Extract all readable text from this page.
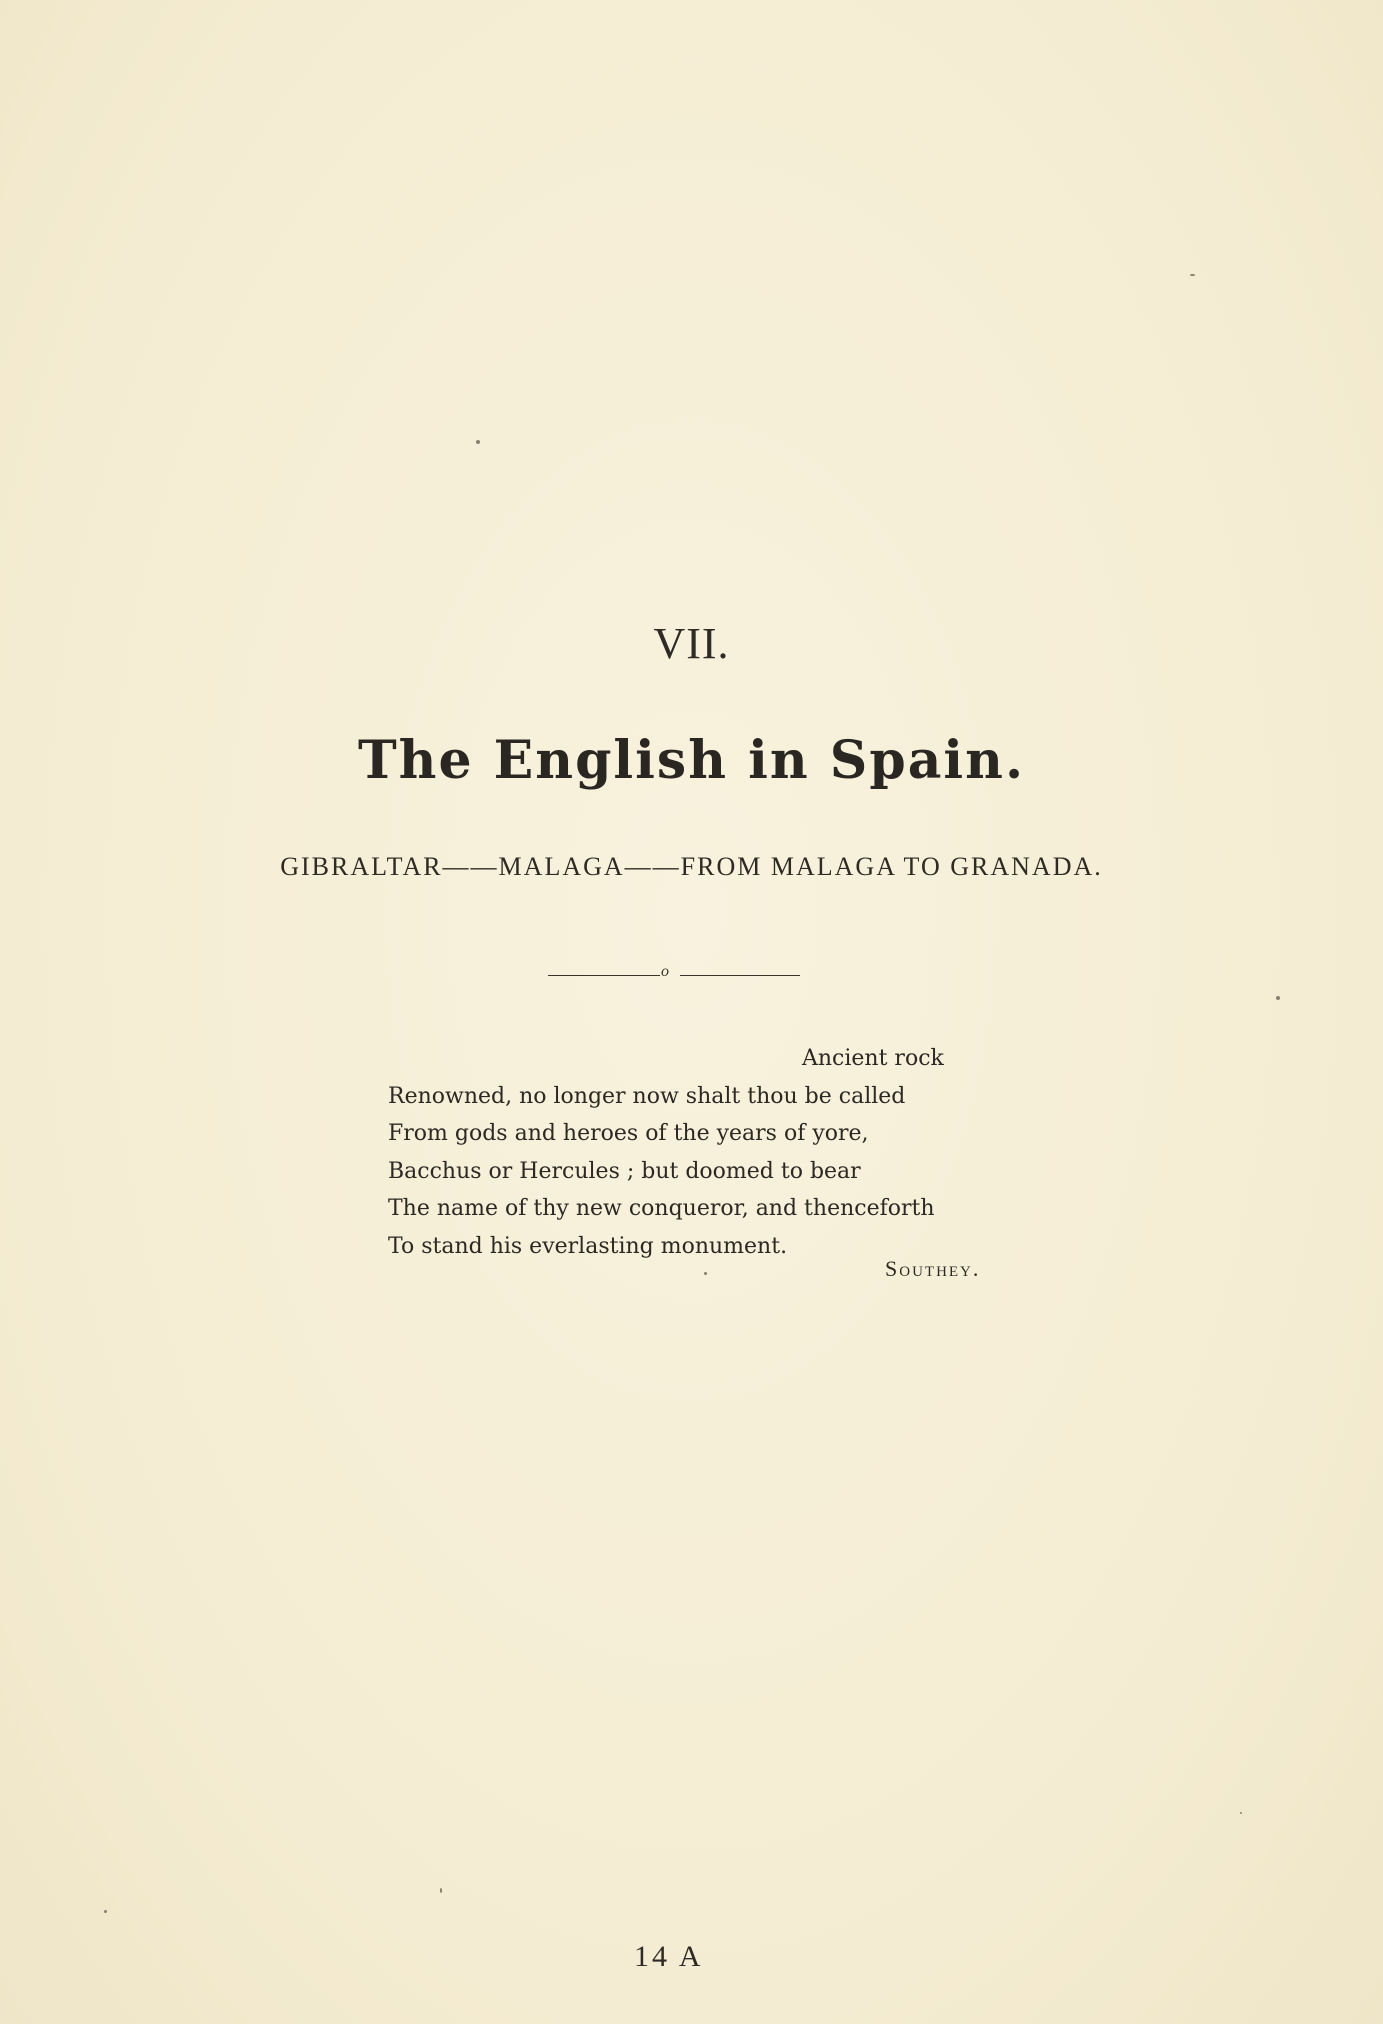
VII.
The English in Spain.
GIBRALTAR——MALAGA——FROM MALAGA TO GRANADA.
o
Ancient rock
Renowned, no longer now shalt thou be called
From gods and heroes of the years of yore,
Bacchus or Hercules ; but doomed to bear
The name of thy new conqueror, and thenceforth
To stand his everlasting monument.
Southey.
14 A
